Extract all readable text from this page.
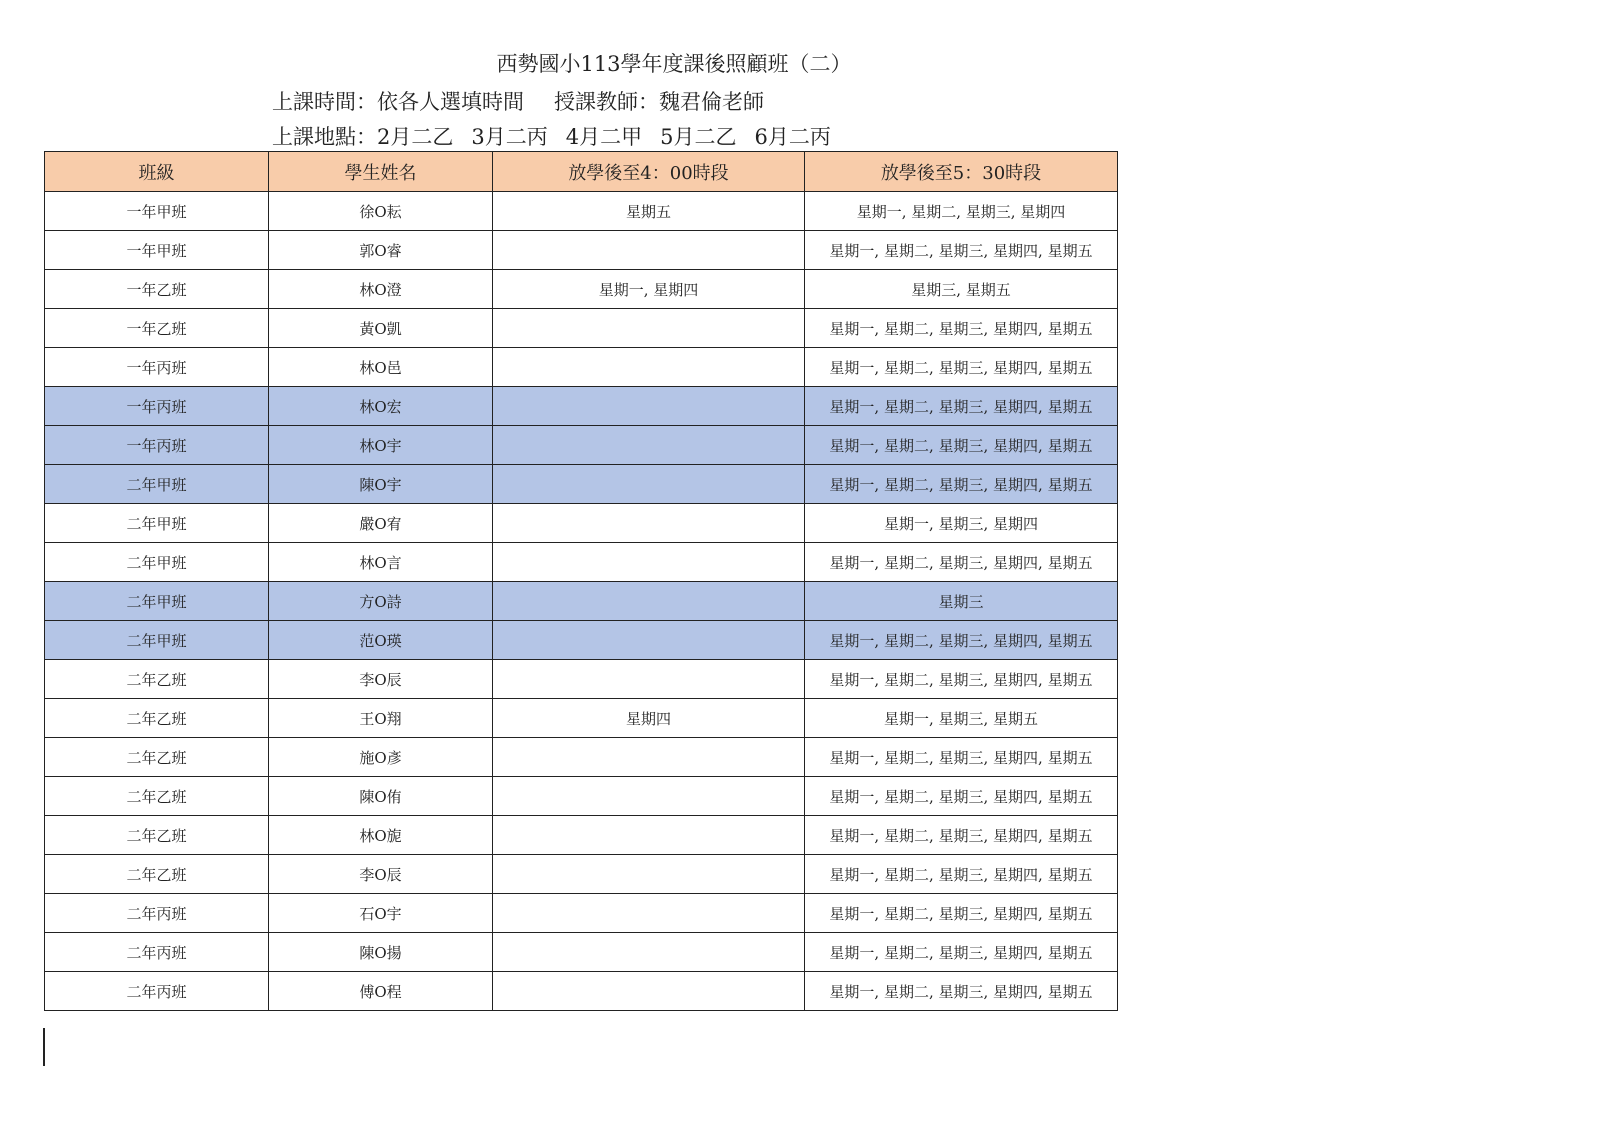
西勢國小113學年度課後照顧班（二）
上課時間：依各人選填時間 授課教師：魏君倫老師
上課地點：2月二乙 3月二丙 4月二甲 5月二乙 6月二丙
班級	學生姓名	放學後至4：00時段	放學後至5：30時段
一年甲班	徐O耘	星期五	星期一, 星期二, 星期三, 星期四
一年甲班	郭O睿		星期一, 星期二, 星期三, 星期四, 星期五
一年乙班	林O澄	星期一, 星期四	星期三, 星期五
一年乙班	黃O凱		星期一, 星期二, 星期三, 星期四, 星期五
一年丙班	林O邑		星期一, 星期二, 星期三, 星期四, 星期五
一年丙班	林O宏		星期一, 星期二, 星期三, 星期四, 星期五
一年丙班	林O宇		星期一, 星期二, 星期三, 星期四, 星期五
二年甲班	陳O宇		星期一, 星期二, 星期三, 星期四, 星期五
二年甲班	嚴O宥		星期一, 星期三, 星期四
二年甲班	林O言		星期一, 星期二, 星期三, 星期四, 星期五
二年甲班	方O詩		星期三
二年甲班	范O瑛		星期一, 星期二, 星期三, 星期四, 星期五
二年乙班	李O辰		星期一, 星期二, 星期三, 星期四, 星期五
二年乙班	王O翔	星期四	星期一, 星期三, 星期五
二年乙班	施O彥		星期一, 星期二, 星期三, 星期四, 星期五
二年乙班	陳O侑		星期一, 星期二, 星期三, 星期四, 星期五
二年乙班	林O旎		星期一, 星期二, 星期三, 星期四, 星期五
二年乙班	李O辰		星期一, 星期二, 星期三, 星期四, 星期五
二年丙班	石O宇		星期一, 星期二, 星期三, 星期四, 星期五
二年丙班	陳O揚		星期一, 星期二, 星期三, 星期四, 星期五
二年丙班	傅O程		星期一, 星期二, 星期三, 星期四, 星期五
